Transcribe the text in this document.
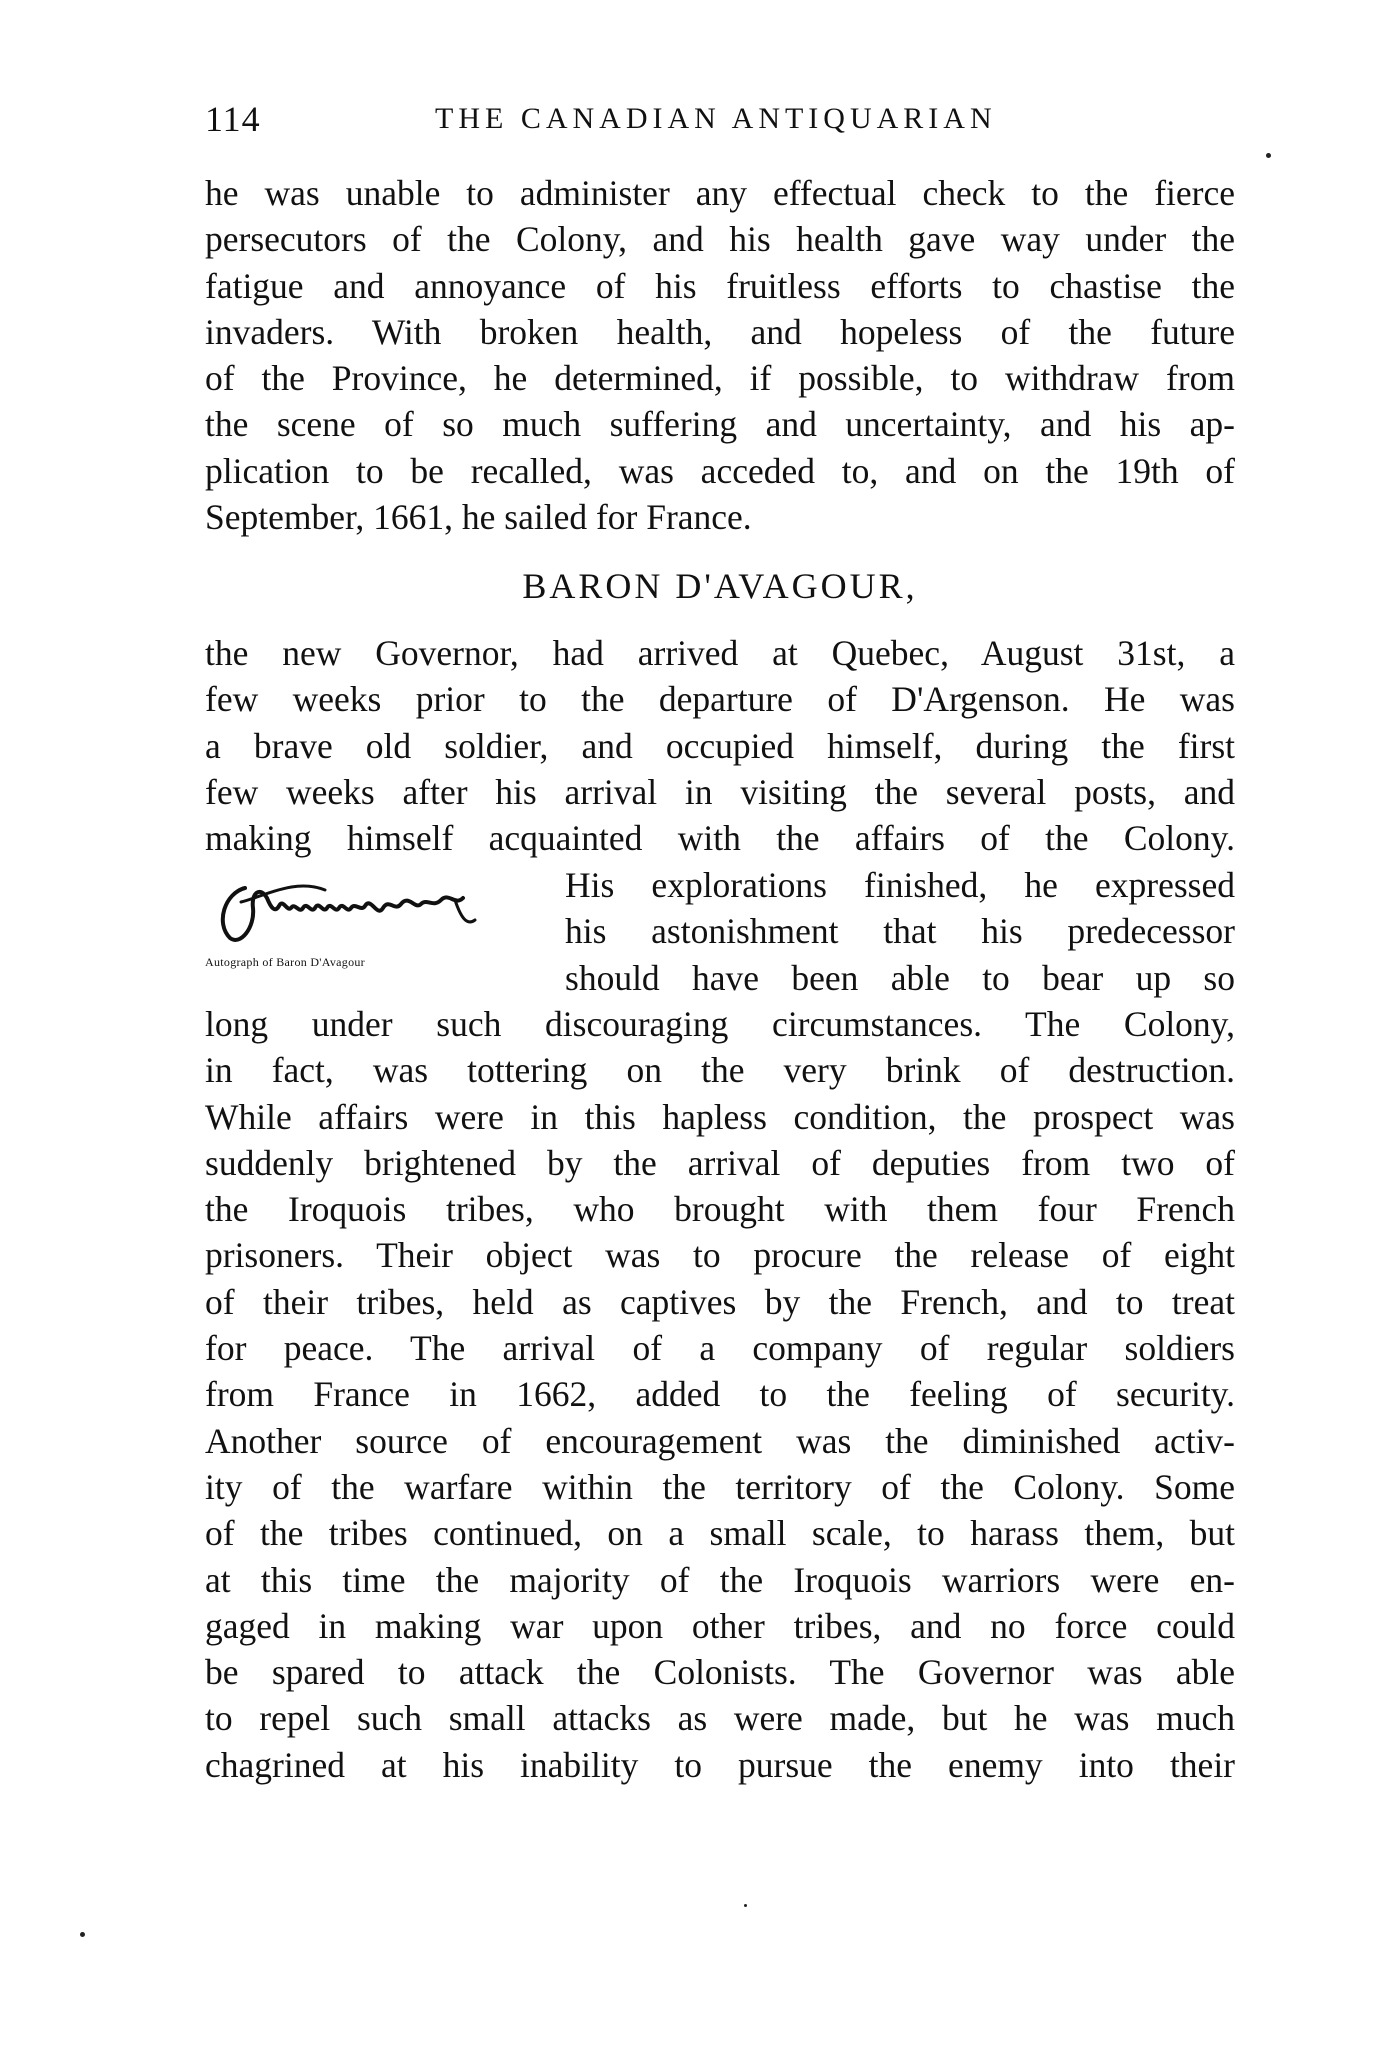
114	THE CANADIAN ANTIQUARIAN
he was unable to administer any effectual check to the fierce
persecutors of the Colony, and his health gave way under the
fatigue and annoyance of his fruitless efforts to chastise the
invaders. With broken health, and hopeless of the future
of the Province, he determined, if possible, to withdraw from
the scene of so much suffering and uncertainty, and his ap-
plication to be recalled, was acceded to, and on the 19th of
September, 1661, he sailed for France.
BARON D'AVAGOUR,
the new Governor, had arrived at Quebec, August 31st, a
few weeks prior to the departure of D'Argenson. He was
a brave old soldier, and occupied himself, during the first
few weeks after his arrival in visiting the several posts, and
making himself acquainted with the affairs of the Colony.
Autograph of Baron D'Avagour
His explorations finished, he expressed
his astonishment that his predecessor
should have been able to bear up so
long under such discouraging circumstances. The Colony,
in fact, was tottering on the very brink of destruction.
While affairs were in this hapless condition, the prospect was
suddenly brightened by the arrival of deputies from two of
the Iroquois tribes, who brought with them four French
prisoners. Their object was to procure the release of eight
of their tribes, held as captives by the French, and to treat
for peace. The arrival of a company of regular soldiers
from France in 1662, added to the feeling of security.
Another source of encouragement was the diminished activ-
ity of the warfare within the territory of the Colony. Some
of the tribes continued, on a small scale, to harass them, but
at this time the majority of the Iroquois warriors were en-
gaged in making war upon other tribes, and no force could
be spared to attack the Colonists. The Governor was able
to repel such small attacks as were made, but he was much
chagrined at his inability to pursue the enemy into their
